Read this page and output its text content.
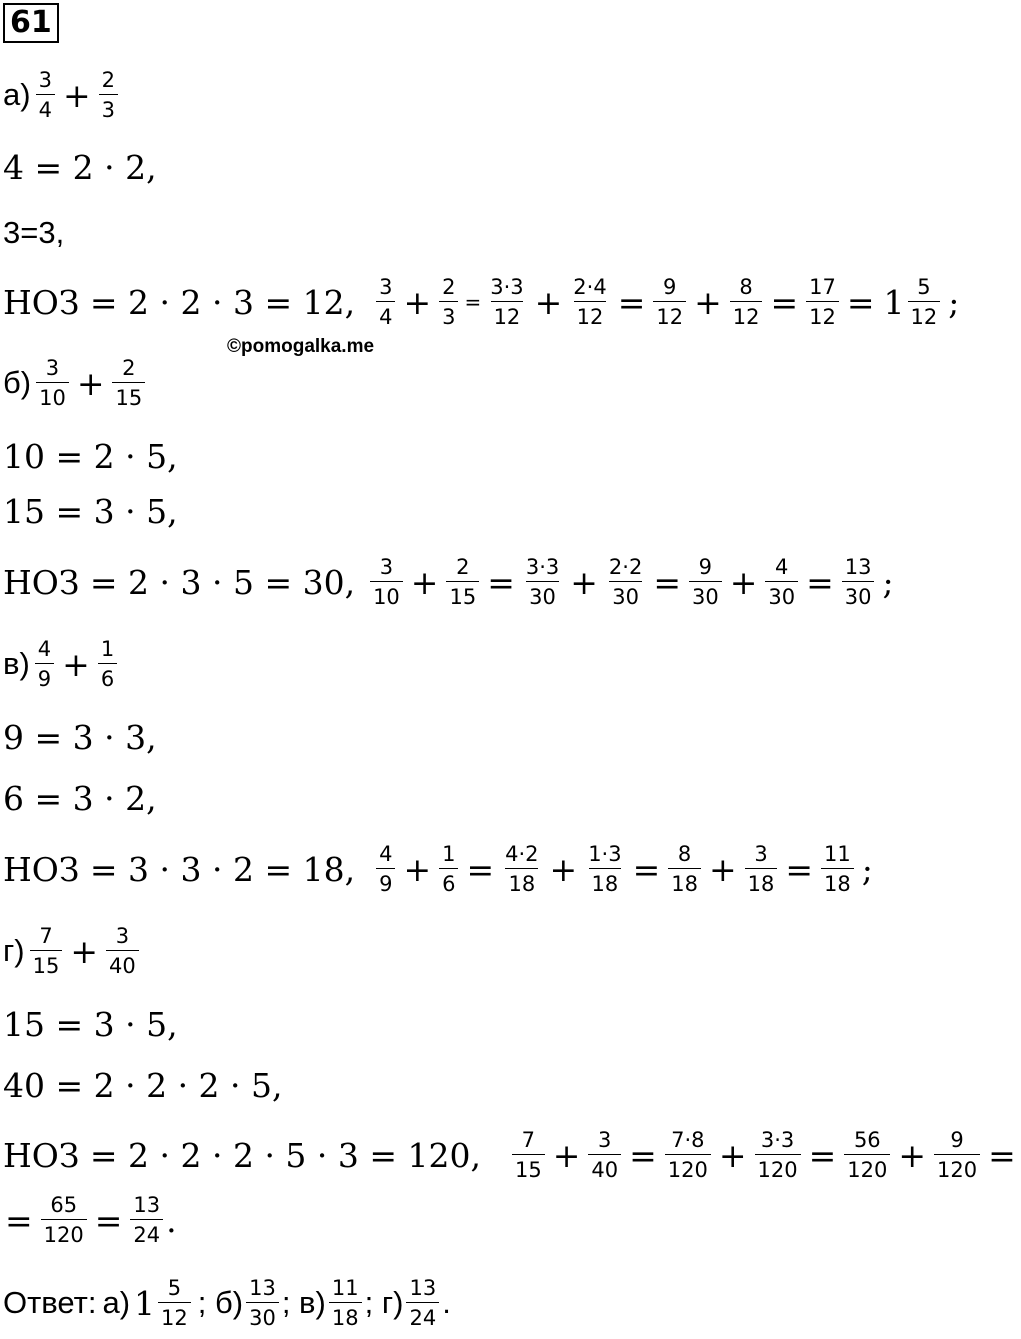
61
$а) \frac{3}{4} + \frac{2}{3}$
4 = 2 · 2,
3=3,
НОЗ = 2 · 2 · 3 = 12, $\frac{3}{4} + \frac{2}{3} = \frac{3\cdot 3}{12} + \frac{2\cdot 4}{12} = \frac{9}{12} + \frac{8}{12} = \frac{17}{12} = 1 \frac{5}{12}$ ;
©pomogalka.me
$б) \frac{3}{10} + \frac{2}{15}$
10 = 2 · 5,
15 = 3 · 5,
НОЗ = 2 · 3 · 5 = 30, $\frac{3}{10} + \frac{2}{15} = \frac{3\cdot 3}{30} + \frac{2\cdot 2}{30} = \frac{9}{30} + \frac{4}{30} = \frac{13}{30}$ ;
$в) \frac{4}{9} + \frac{1}{6}$
9 = 3 · 3,
6 = 3 · 2,
НОЗ = 3 · 3 · 2 = 18, $\frac{4}{9} + \frac{1}{6} = \frac{4\cdot 2}{18} + \frac{1\cdot 3}{18} = \frac{8}{18} + \frac{3}{18} = \frac{11}{18}$ ;
$г) \frac{7}{15} + \frac{3}{40}$
15 = 3 · 5,
40 = 2 · 2 · 2 · 5,
НОЗ = 2 · 2 · 2 · 5 · 3 = 120, $\frac{7}{15} + \frac{3}{40} = \frac{7\cdot 8}{120} + \frac{3\cdot 3}{120} = \frac{56}{120} + \frac{9}{120}$ =
= $\frac{65}{120} = \frac{13}{24}$ .
Ответ: а) $1 \frac{5}{12}$ ; $б) \frac{13}{30}$ ; $в) \frac{11}{18}$ ; $г) \frac{13}{24}$ .
